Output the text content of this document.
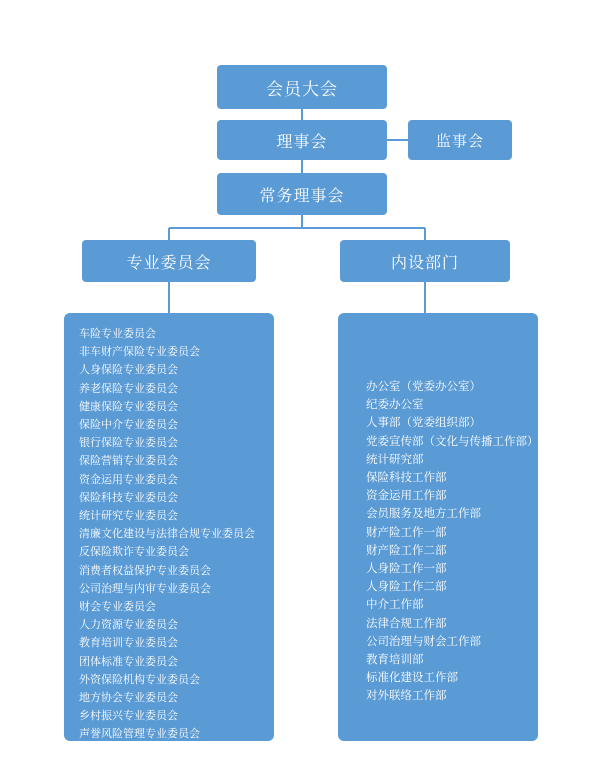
会员大会
理事会	监事会
常务理事会
专业委员会	内设部门
车险专业委员会
非车财产保险专业委员会
人身保险专业委员会
养老保险专业委员会
健康保险专业委员会
保险中介专业委员会
银行保险专业委员会
保险营销专业委员会
资金运用专业委员会
保险科技专业委员会
统计研究专业委员会
清廉文化建设与法律合规专业委员会
反保险欺诈专业委员会
消费者权益保护专业委员会
公司治理与内审专业委员会
财会专业委员会
人力资源专业委员会
教育培训专业委员会
团体标准专业委员会
外资保险机构专业委员会
地方协会专业委员会
乡村振兴专业委员会
声誉风险管理专业委员会
互联网保险专业委员会（筹）
办公室（党委办公室）
纪委办公室
人事部（党委组织部）
党委宣传部（文化与传播工作部）
统计研究部
保险科技工作部
资金运用工作部
会员服务及地方工作部
财产险工作一部
财产险工作二部
人身险工作一部
人身险工作二部
中介工作部
法律合规工作部
公司治理与财会工作部
教育培训部
标准化建设工作部
对外联络工作部
